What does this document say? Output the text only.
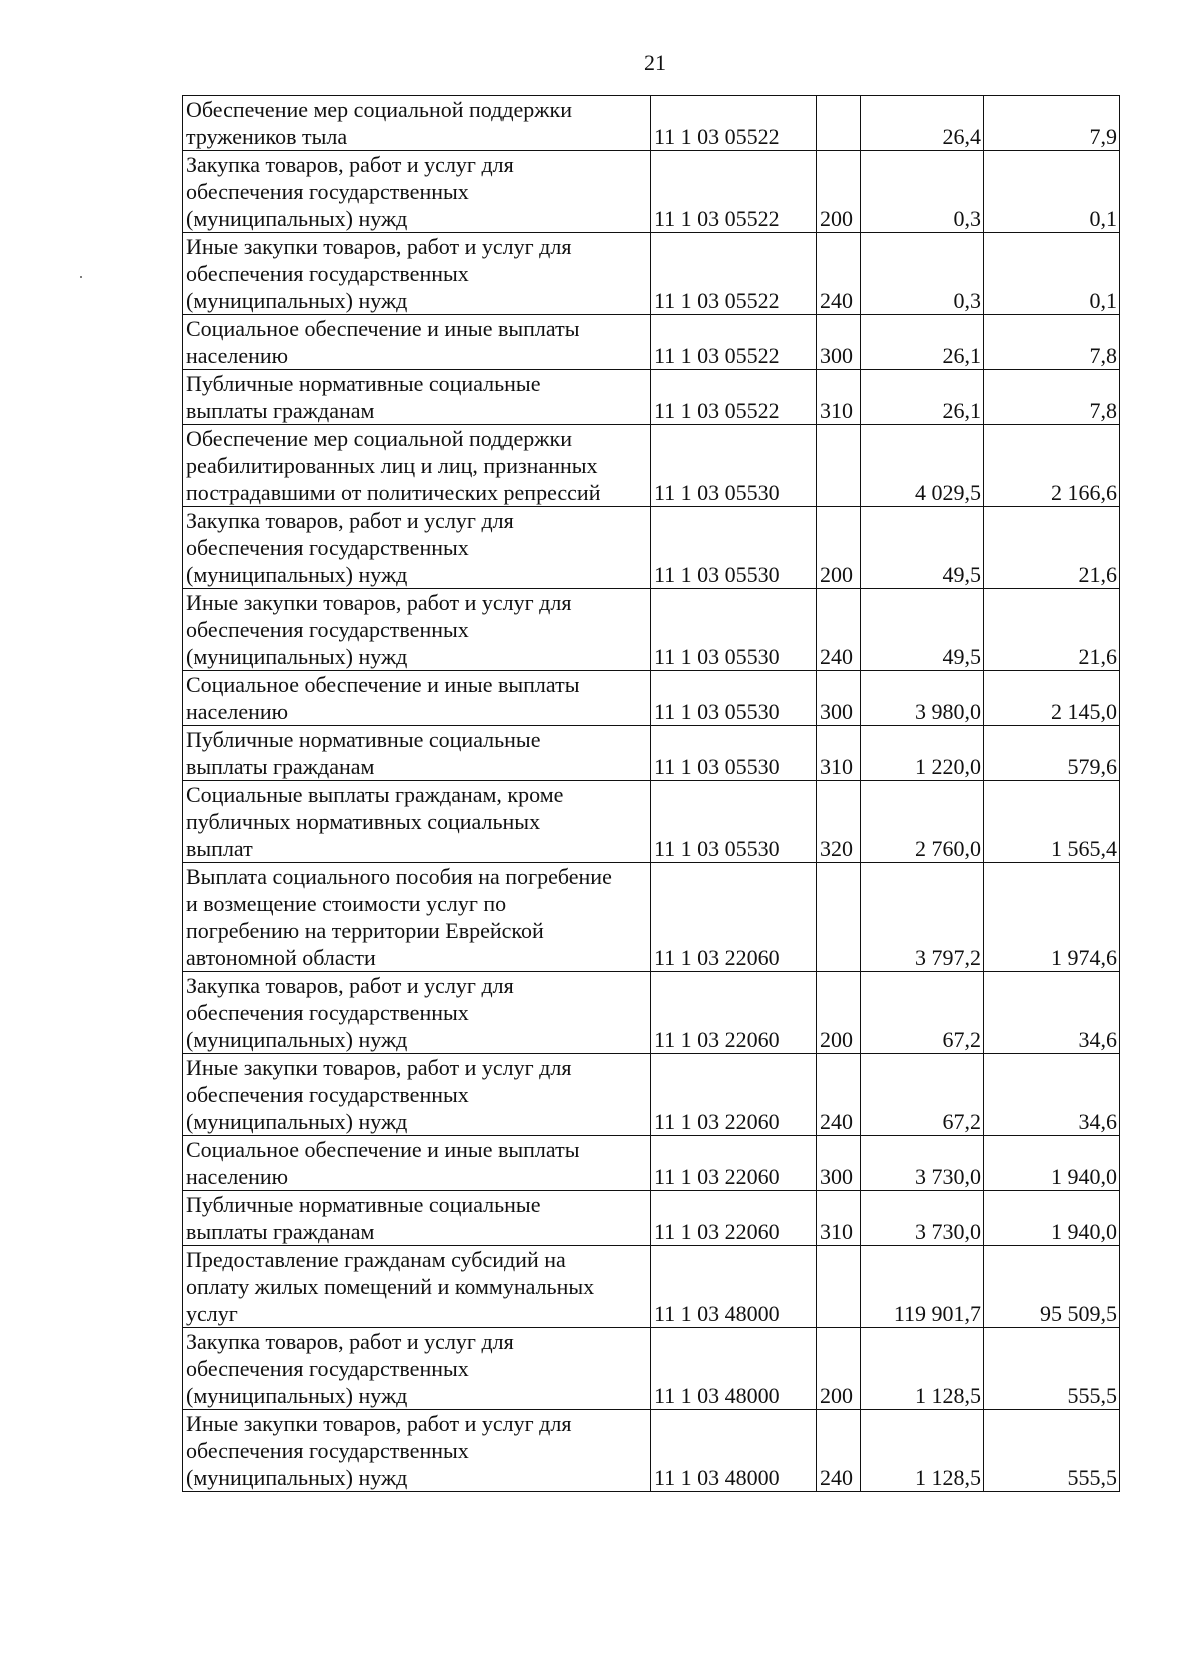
21
Обеспечение мер социальной поддержки
тружеников тыла	11 1 03 05522		26,4	7,9

Закупка товаров, работ и услуг для
обеспечения государственных
(муниципальных) нужд	11 1 03 05522	200	0,3	0,1

Иные закупки товаров, работ и услуг для
обеспечения государственных
(муниципальных) нужд	11 1 03 05522	240	0,3	0,1

Социальное обеспечение и иные выплаты
населению	11 1 03 05522	300	26,1	7,8

Публичные нормативные социальные
выплаты гражданам	11 1 03 05522	310	26,1	7,8

Обеспечение мер социальной поддержки
реабилитированных лиц и лиц, признанных
пострадавшими от политических репрессий	11 1 03 05530		4 029,5	2 166,6

Закупка товаров, работ и услуг для
обеспечения государственных
(муниципальных) нужд	11 1 03 05530	200	49,5	21,6

Иные закупки товаров, работ и услуг для
обеспечения государственных
(муниципальных) нужд	11 1 03 05530	240	49,5	21,6

Социальное обеспечение и иные выплаты
населению	11 1 03 05530	300	3 980,0	2 145,0

Публичные нормативные социальные
выплаты гражданам	11 1 03 05530	310	1 220,0	579,6

Социальные выплаты гражданам, кроме
публичных нормативных социальных
выплат	11 1 03 05530	320	2 760,0	1 565,4

Выплата социального пособия на погребение
и возмещение стоимости услуг по
погребению на территории Еврейской
автономной области	11 1 03 22060		3 797,2	1 974,6

Закупка товаров, работ и услуг для
обеспечения государственных
(муниципальных) нужд	11 1 03 22060	200	67,2	34,6

Иные закупки товаров, работ и услуг для
обеспечения государственных
(муниципальных) нужд	11 1 03 22060	240	67,2	34,6

Социальное обеспечение и иные выплаты
населению	11 1 03 22060	300	3 730,0	1 940,0

Публичные нормативные социальные
выплаты гражданам	11 1 03 22060	310	3 730,0	1 940,0

Предоставление гражданам субсидий на
оплату жилых помещений и коммунальных
услуг	11 1 03 48000		119 901,7	95 509,5

Закупка товаров, работ и услуг для
обеспечения государственных
(муниципальных) нужд	11 1 03 48000	200	1 128,5	555,5

Иные закупки товаров, работ и услуг для
обеспечения государственных
(муниципальных) нужд	11 1 03 48000	240	1 128,5	555,5
